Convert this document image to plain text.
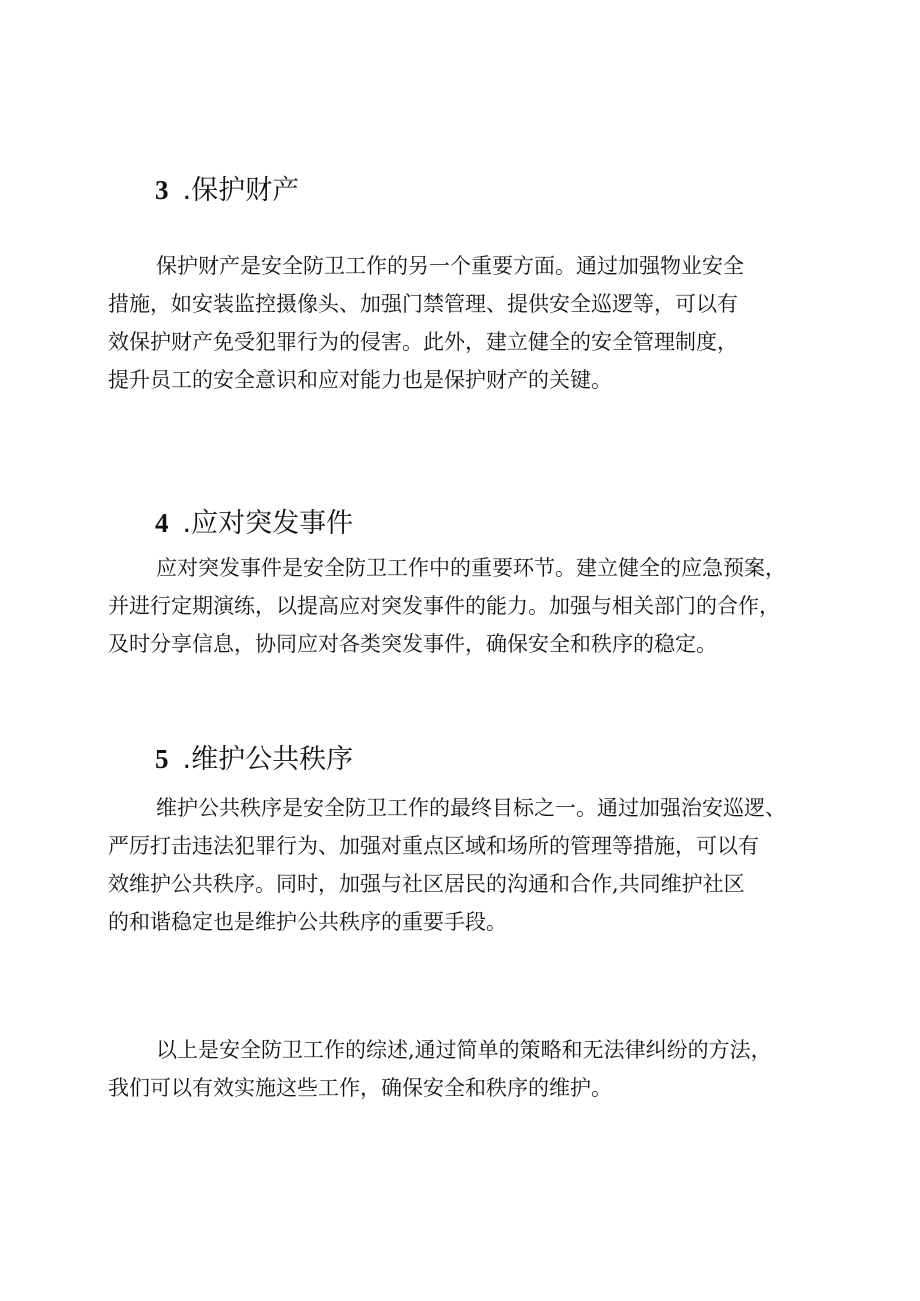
3 .保护财产
保护财产是安全防卫工作的另一个重要方面。通过加强物业安全
措施，如安装监控摄像头、加强门禁管理、提供安全巡逻等，可以有
效保护财产免受犯罪行为的侵害。此外，建立健全的安全管理制度，
提升员工的安全意识和应对能力也是保护财产的关键。
4 .应对突发事件
应对突发事件是安全防卫工作中的重要环节。建立健全的应急预案，
并进行定期演练，以提高应对突发事件的能力。加强与相关部门的合作，
及时分享信息，协同应对各类突发事件，确保安全和秩序的稳定。
5 .维护公共秩序
维护公共秩序是安全防卫工作的最终目标之一。通过加强治安巡逻、
严厉打击违法犯罪行为、加强对重点区域和场所的管理等措施，可以有
效维护公共秩序。同时，加强与社区居民的沟通和合作,共同维护社区
的和谐稳定也是维护公共秩序的重要手段。
以上是安全防卫工作的综述,通过简单的策略和无法律纠纷的方法，
我们可以有效实施这些工作，确保安全和秩序的维护。
